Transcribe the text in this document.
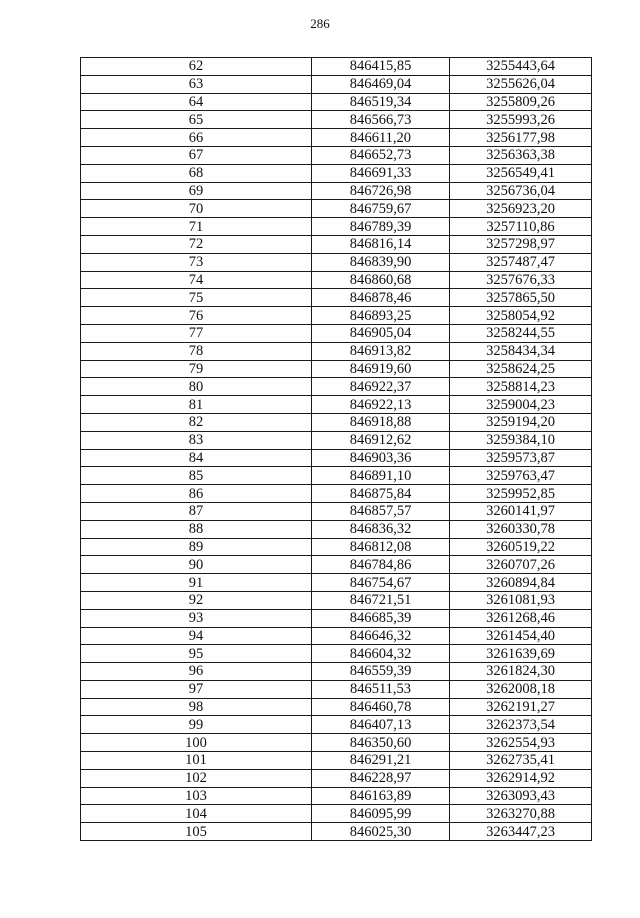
286
62	846415,85	3255443,64
63	846469,04	3255626,04
64	846519,34	3255809,26
65	846566,73	3255993,26
66	846611,20	3256177,98
67	846652,73	3256363,38
68	846691,33	3256549,41
69	846726,98	3256736,04
70	846759,67	3256923,20
71	846789,39	3257110,86
72	846816,14	3257298,97
73	846839,90	3257487,47
74	846860,68	3257676,33
75	846878,46	3257865,50
76	846893,25	3258054,92
77	846905,04	3258244,55
78	846913,82	3258434,34
79	846919,60	3258624,25
80	846922,37	3258814,23
81	846922,13	3259004,23
82	846918,88	3259194,20
83	846912,62	3259384,10
84	846903,36	3259573,87
85	846891,10	3259763,47
86	846875,84	3259952,85
87	846857,57	3260141,97
88	846836,32	3260330,78
89	846812,08	3260519,22
90	846784,86	3260707,26
91	846754,67	3260894,84
92	846721,51	3261081,93
93	846685,39	3261268,46
94	846646,32	3261454,40
95	846604,32	3261639,69
96	846559,39	3261824,30
97	846511,53	3262008,18
98	846460,78	3262191,27
99	846407,13	3262373,54
100	846350,60	3262554,93
101	846291,21	3262735,41
102	846228,97	3262914,92
103	846163,89	3263093,43
104	846095,99	3263270,88
105	846025,30	3263447,23
